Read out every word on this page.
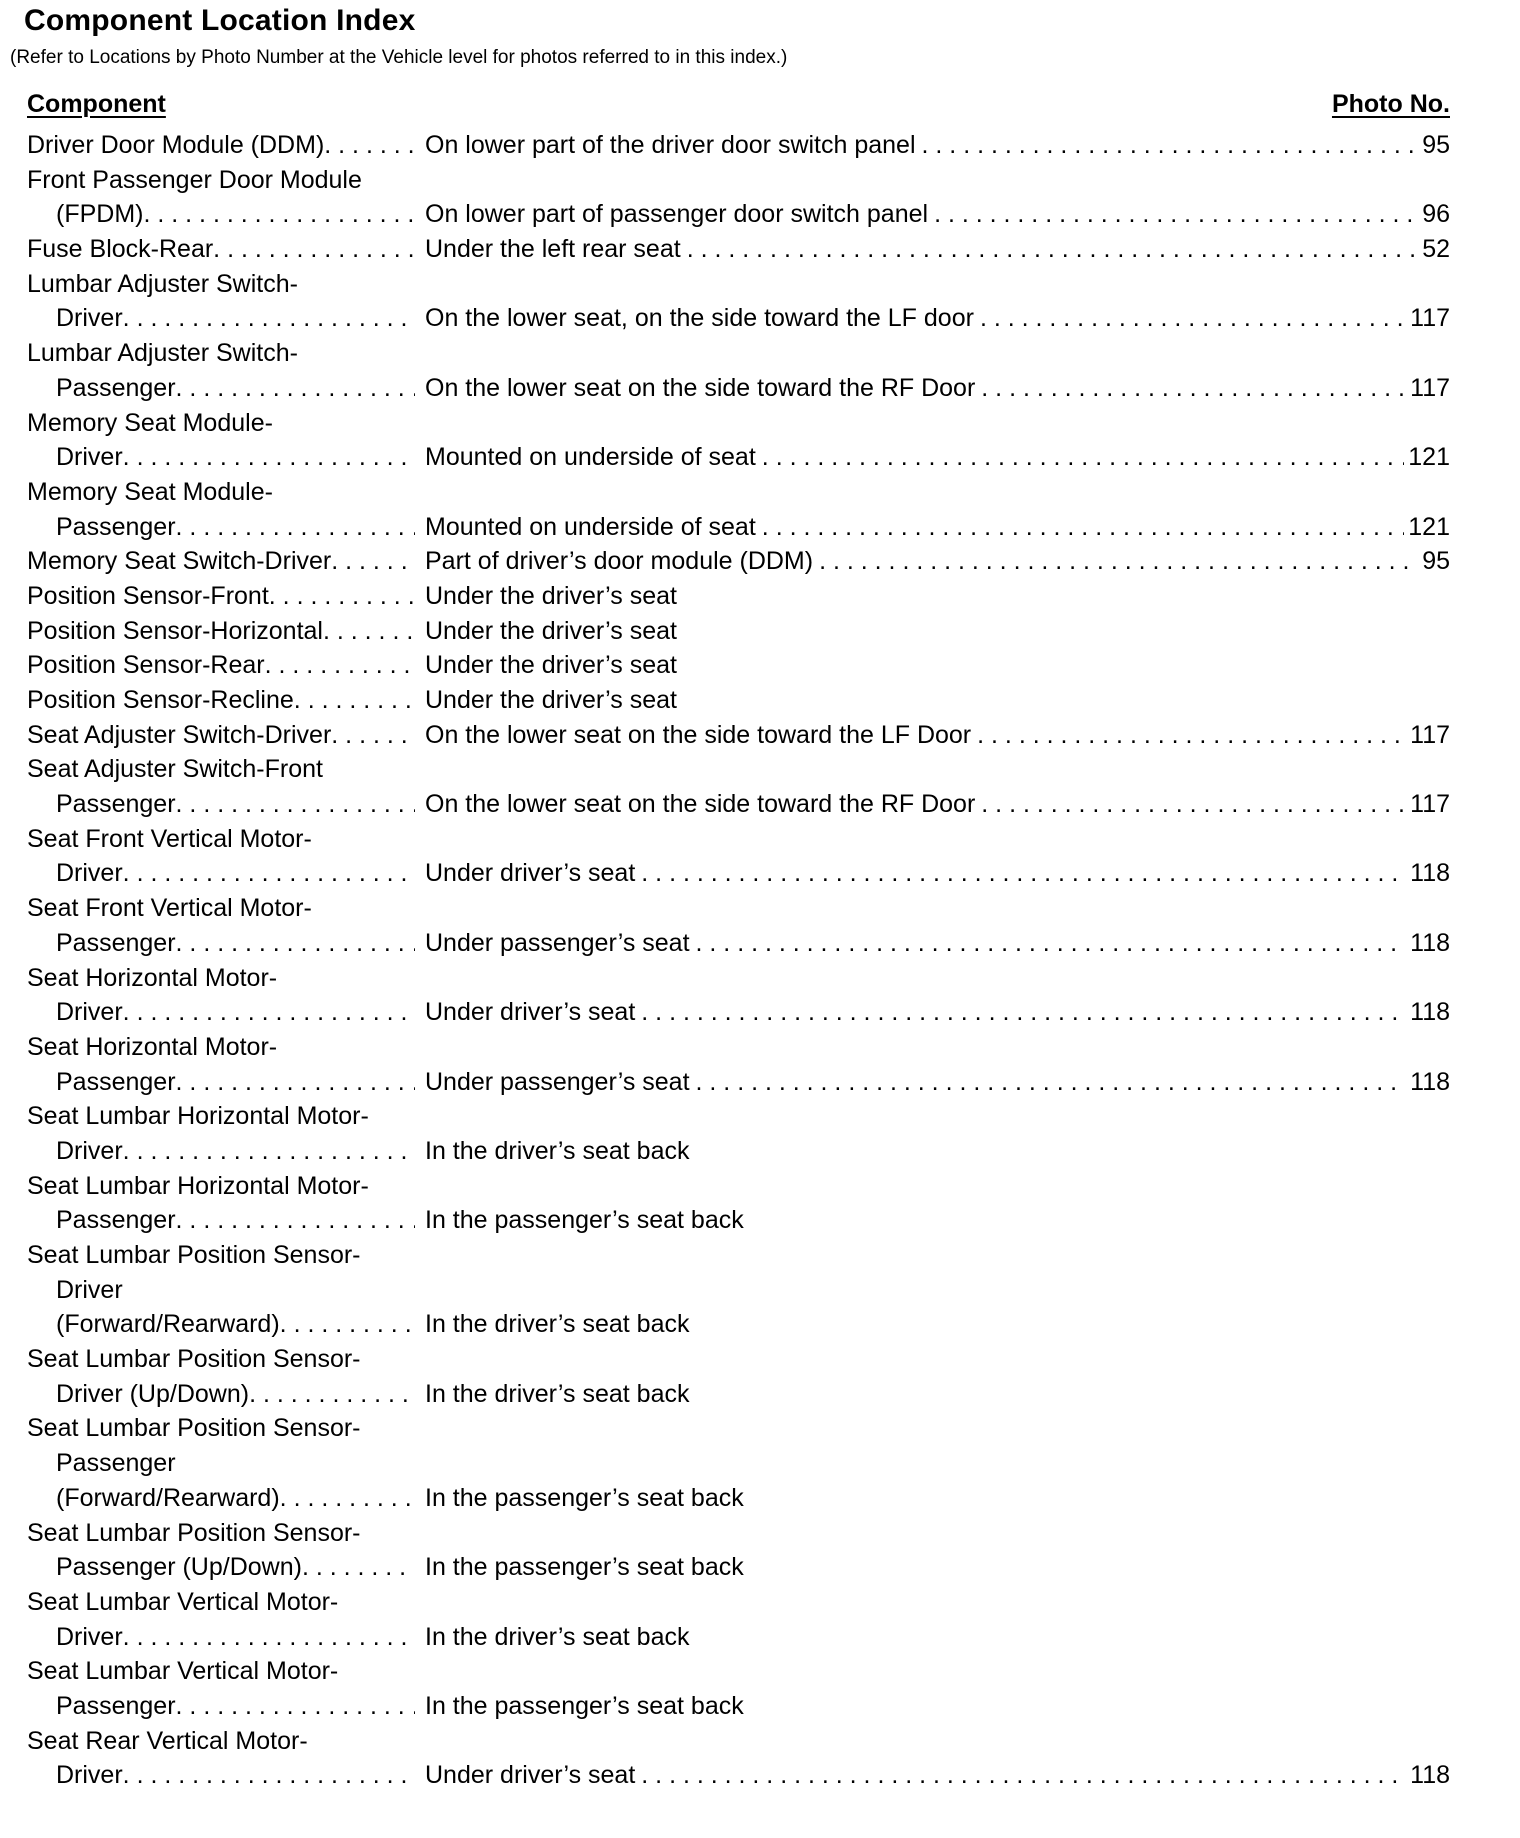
Component Location Index
(Refer to Locations by Photo Number at the Vehicle level for photos referred to in this index.)
Component	Photo No.
Driver Door Module (DDM) . . .	On lower part of the driver door switch panel . . .	95
Front Passenger Door Module
(FPDM) . . .	On lower part of passenger door switch panel . . .	96
Fuse Block-Rear . . .	Under the left rear seat . . .	52
Lumbar Adjuster Switch-
Driver . . .	On the lower seat, on the side toward the LF door . . .	117
Lumbar Adjuster Switch-
Passenger . . .	On the lower seat on the side toward the RF Door . . .	117
Memory Seat Module-
Driver . . .	Mounted on underside of seat . . .	121
Memory Seat Module-
Passenger . . .	Mounted on underside of seat . . .	121
Memory Seat Switch-Driver . . .	Part of driver’s door module (DDM) . . .	95
Position Sensor-Front . . .	Under the driver’s seat
Position Sensor-Horizontal . . .	Under the driver’s seat
Position Sensor-Rear . . .	Under the driver’s seat
Position Sensor-Recline . . .	Under the driver’s seat
Seat Adjuster Switch-Driver . . .	On the lower seat on the side toward the LF Door . . .	117
Seat Adjuster Switch-Front
Passenger . . .	On the lower seat on the side toward the RF Door . . .	117
Seat Front Vertical Motor-
Driver . . .	Under driver’s seat . . .	118
Seat Front Vertical Motor-
Passenger . . .	Under passenger’s seat . . .	118
Seat Horizontal Motor-
Driver . . .	Under driver’s seat . . .	118
Seat Horizontal Motor-
Passenger . . .	Under passenger’s seat . . .	118
Seat Lumbar Horizontal Motor-
Driver . . .	In the driver’s seat back
Seat Lumbar Horizontal Motor-
Passenger . . .	In the passenger’s seat back
Seat Lumbar Position Sensor-
Driver
(Forward/Rearward) . . .	In the driver’s seat back
Seat Lumbar Position Sensor-
Driver (Up/Down) . . .	In the driver’s seat back
Seat Lumbar Position Sensor-
Passenger
(Forward/Rearward) . . .	In the passenger’s seat back
Seat Lumbar Position Sensor-
Passenger (Up/Down) . . .	In the passenger’s seat back
Seat Lumbar Vertical Motor-
Driver . . .	In the driver’s seat back
Seat Lumbar Vertical Motor-
Passenger . . .	In the passenger’s seat back
Seat Rear Vertical Motor-
Driver . . .	Under driver’s seat . . .	118
